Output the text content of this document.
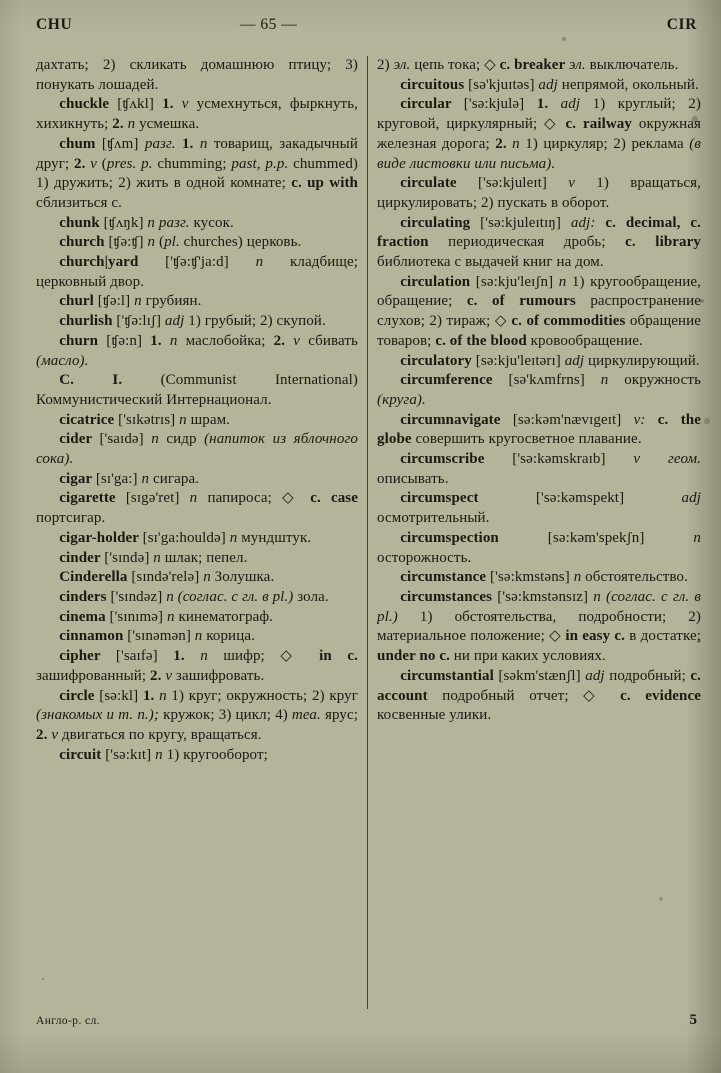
CHU	— 65 —	CIR

дахтать; 2) скликать домашнюю птицу; 3) понукать лошадей.

chuckle [ʧʌkl] 1. v усмехнуться, фыркнуть, хихикнуть; 2. n усмешка.

chum [ʧʌm] разг. 1. n товарищ, закадычный друг; 2. v (pres. p. chumming; past, p.p. chummed) 1) дружить; 2) жить в одной комнате; c. up with сблизиться с.

chunk [ʧʌŋk] n разг. кусок.

church [ʧə:ʧ] n (pl. churches) церковь.

church|yard ['ʧə:ʧ'ja:d] n кладбище; церковный двор.

churl [ʧə:l] n грубиян.

churlish ['ʧə:lɪʃ] adj 1) грубый; 2) скупой.

churn [ʧə:n] 1. n маслобойка; 2. v сбивать (масло).

C. I. (Communist International) Коммунистический Интернационал.

cicatrice ['sɪkətrɪs] n шрам.

cider ['saɪdə] n сидр (напиток из яблочного сока).

cigar [sɪ'ga:] n сигара.

cigarette [sɪgə'ret] n папироса; ◇ c. case портсигар.

cigar-holder [sɪ'ga:houldə] n мундштук.

cinder ['sɪndə] n шлак; пепел.

Cinderella [sɪndə'relə] n Золушка.

cinders ['sɪndəz] n (соглас. с гл. в pl.) зола.

cinema ['sɪnɪmə] n кинематограф.

cinnamon ['sɪnəmən] n корица.

cipher ['saɪfə] 1. n шифр; ◇ in c. зашифрованный; 2. v зашифровать.

circle [sə:kl] 1. n 1) круг; окружность; 2) круг (знакомых и т. п.); кружок; 3) цикл; 4) теа. ярус; 2. v двигаться по кругу, вращаться.

circuit ['sə:kɪt] n 1) кругооборот;

2) эл. цепь тока; ◇ c. breaker эл. выключатель.

circuitous [sə'kjuɪtəs] adj непрямой, окольный.

circular ['sə:kjulə] 1. adj 1) круглый; 2) круговой, циркулярный; ◇ c. railway окружная железная дорога; 2. n 1) циркуляр; 2) реклама (в виде листовки или письма).

circulate ['sə:kjuleɪt] v 1) вращаться, циркулировать; 2) пускать в оборот.

circulating ['sə:kjuleɪtɪŋ] adj: c. decimal, c. fraction периодическая дробь; c. library библиотека с выдачей книг на дом.

circulation [sə:kju'leɪʃn] n 1) кругообращение, обращение; c. of rumours распространение слухов; 2) тираж; ◇ c. of commodities обращение товаров; c. of the blood кровообращение.

circulatory [sə:kju'leɪtərɪ] adj циркулирующий.

circumference [sə'kʌmfrns] n окружность (круга).

circumnavigate [sə:kəm'nævɪgeɪt] v: c. the globe совершить кругосветное плавание.

circumscribe ['sə:kəmskraɪb] v геом. описывать.

circumspect ['sə:kəmspekt] adj осмотрительный.

circumspection [sə:kəm'spekʃn] n осторожность.

circumstance ['sə:kmstəns] n обстоятельство.

circumstances ['sə:kmstənsɪz] n (соглас. с гл. в pl.) 1) обстоятельства, подробности; 2) материальное положение; ◇ in easy c. в достатке; under no c. ни при каких условиях.

circumstantial [səkm'stænʃl] adj подробный; c. account подробный отчет; ◇ c. evidence косвенные улики.

Англо-р. сл.	5
